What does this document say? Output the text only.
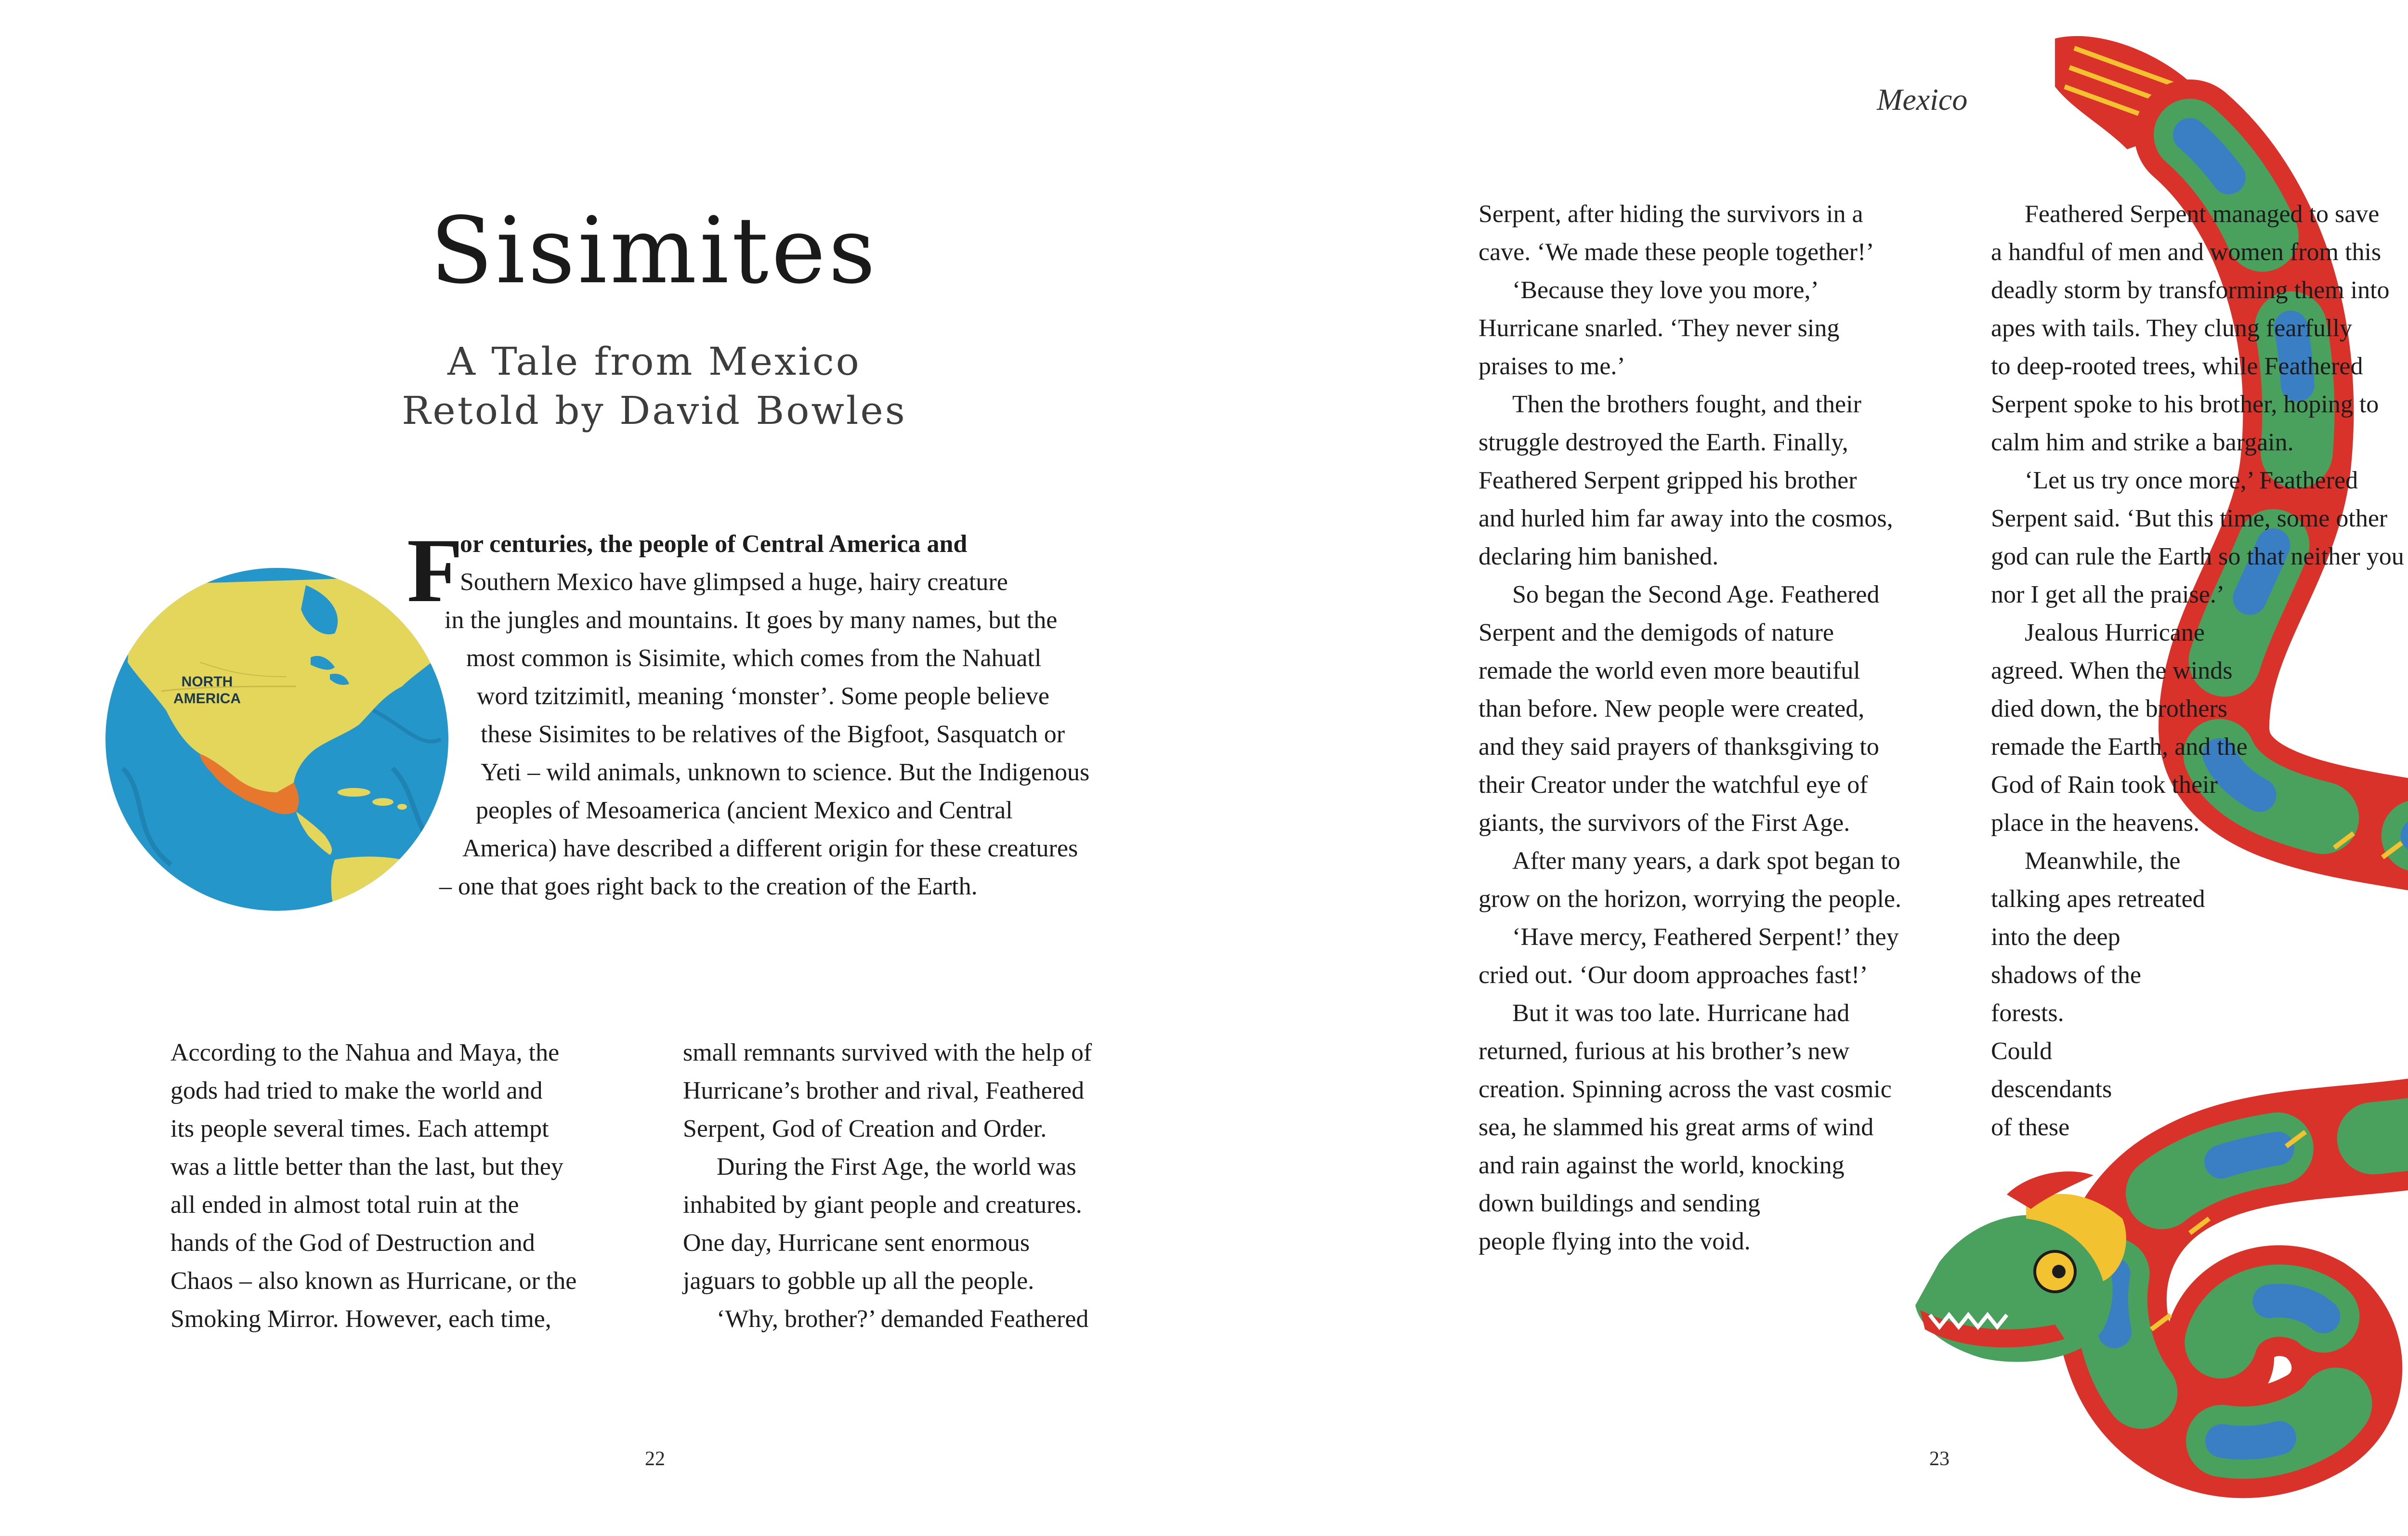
Sisimites
A Tale from Mexico
Retold by David Bowles
NORTH
AMERICA
F
or centuries, the people of Central America and
Southern Mexico have glimpsed a huge, hairy creature
in the jungles and mountains. It goes by many names, but the
most common is Sisimite, which comes from the Nahuatl
word tzitzimitl, meaning ‘monster’. Some people believe
these Sisimites to be relatives of the Bigfoot, Sasquatch or
Yeti – wild animals, unknown to science. But the Indigenous
peoples of Mesoamerica (ancient Mexico and Central
America) have described a different origin for these creatures
– one that goes right back to the creation of the Earth.
According to the Nahua and Maya, the
gods had tried to make the world and
its people several times. Each attempt
was a little better than the last, but they
all ended in almost total ruin at the
hands of the God of Destruction and
Chaos – also known as Hurricane, or the
Smoking Mirror. However, each time,
small remnants survived with the help of
Hurricane’s brother and rival, Feathered
Serpent, God of Creation and Order.
During the First Age, the world was
inhabited by giant people and creatures.
One day, Hurricane sent enormous
jaguars to gobble up all the people.
‘Why, brother?’ demanded Feathered
22
Mexico
Serpent, after hiding the survivors in a
cave. ‘We made these people together!’
‘Because they love you more,’
Hurricane snarled. ‘They never sing
praises to me.’
Then the brothers fought, and their
struggle destroyed the Earth. Finally,
Feathered Serpent gripped his brother
and hurled him far away into the cosmos,
declaring him banished.
So began the Second Age. Feathered
Serpent and the demigods of nature
remade the world even more beautiful
than before. New people were created,
and they said prayers of thanksgiving to
their Creator under the watchful eye of
giants, the survivors of the First Age.
After many years, a dark spot began to
grow on the horizon, worrying the people.
‘Have mercy, Feathered Serpent!’ they
cried out. ‘Our doom approaches fast!’
But it was too late. Hurricane had
returned, furious at his brother’s new
creation. Spinning across the vast cosmic
sea, he slammed his great arms of wind
and rain against the world, knocking
down buildings and sending
people flying into the void.
Feathered Serpent managed to save
a handful of men and women from this
deadly storm by transforming them into
apes with tails. They clung fearfully
to deep-rooted trees, while Feathered
Serpent spoke to his brother, hoping to
calm him and strike a bargain.
‘Let us try once more,’ Feathered
Serpent said. ‘But this time, some other
god can rule the Earth so that neither you
nor I get all the praise.’
Jealous Hurricane
agreed. When the winds
died down, the brothers
remade the Earth, and the
God of Rain took their
place in the heavens.
Meanwhile, the
talking apes retreated
into the deep
shadows of the
forests.
Could
descendants
of these
23
